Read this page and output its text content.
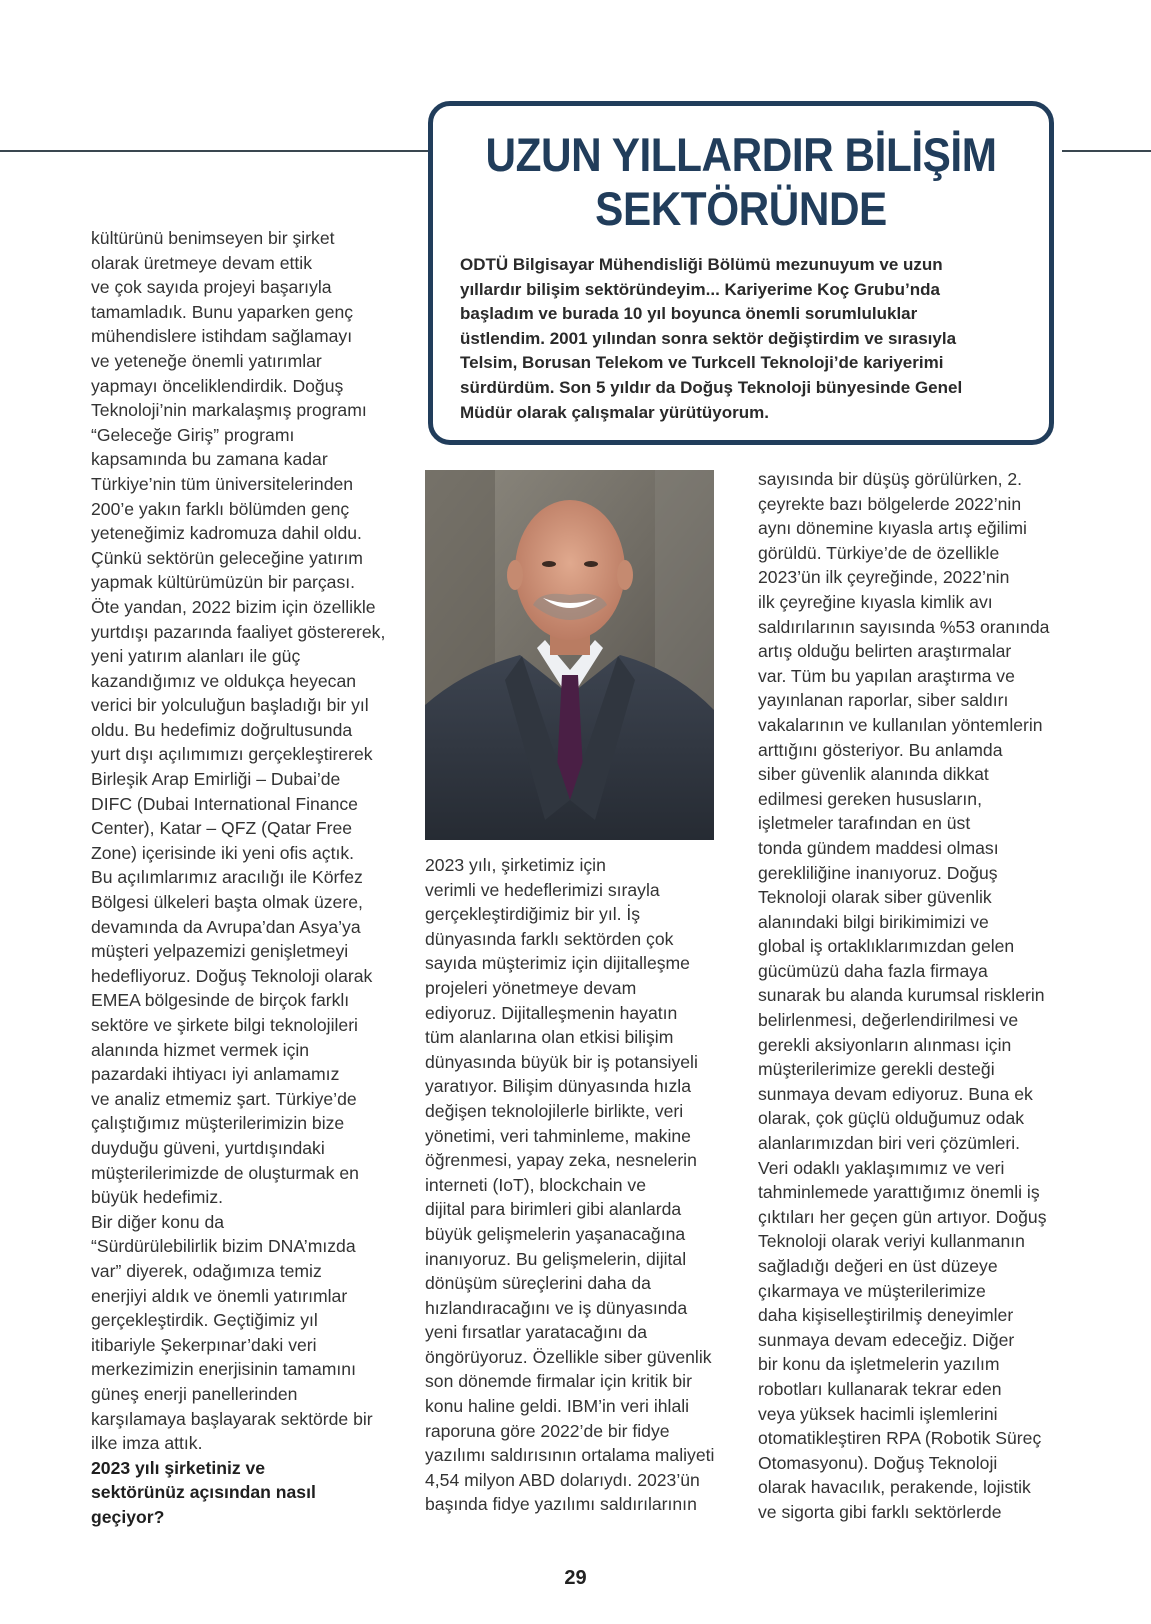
UZUN YILLARDIR BİLİŞİM
SEKTÖRÜNDE
ODTÜ Bilgisayar Mühendisliği Bölümü mezunuyum ve uzun
yıllardır bilişim sektöründeyim... Kariyerime Koç Grubu’nda
başladım ve burada 10 yıl boyunca önemli sorumluluklar
üstlendim. 2001 yılından sonra sektör değiştirdim ve sırasıyla
Telsim, Borusan Telekom ve Turkcell Teknoloji’de kariyerimi
sürdürdüm. Son 5 yıldır da Doğuş Teknoloji bünyesinde Genel
Müdür olarak çalışmalar yürütüyorum.
kültürünü benimseyen bir şirket
olarak üretmeye devam ettik
ve çok sayıda projeyi başarıyla
tamamladık. Bunu yaparken genç
mühendislere istihdam sağlamayı
ve yeteneğe önemli yatırımlar
yapmayı önceliklendirdik. Doğuş
Teknoloji’nin markalaşmış programı
“Geleceğe Giriş” programı
kapsamında bu zamana kadar
Türkiye’nin tüm üniversitelerinden
200’e yakın farklı bölümden genç
yeteneğimiz kadromuza dahil oldu.
Çünkü sektörün geleceğine yatırım
yapmak kültürümüzün bir parçası.
Öte yandan, 2022 bizim için özellikle
yurtdışı pazarında faaliyet göstererek,
yeni yatırım alanları ile güç
kazandığımız ve oldukça heyecan
verici bir yolculuğun başladığı bir yıl
oldu. Bu hedefimiz doğrultusunda
yurt dışı açılımımızı gerçekleştirerek
Birleşik Arap Emirliği – Dubai’de
DIFC (Dubai International Finance
Center), Katar – QFZ (Qatar Free
Zone) içerisinde iki yeni ofis açtık.
Bu açılımlarımız aracılığı ile Körfez
Bölgesi ülkeleri başta olmak üzere,
devamında da Avrupa’dan Asya’ya
müşteri yelpazemizi genişletmeyi
hedefliyoruz. Doğuş Teknoloji olarak
EMEA bölgesinde de birçok farklı
sektöre ve şirkete bilgi teknolojileri
alanında hizmet vermek için
pazardaki ihtiyacı iyi anlamamız
ve analiz etmemiz şart. Türkiye’de
çalıştığımız müşterilerimizin bize
duyduğu güveni, yurtdışındaki
müşterilerimizde de oluşturmak en
büyük hedefimiz.
Bir diğer konu da
“Sürdürülebilirlik bizim DNA’mızda
var” diyerek, odağımıza temiz
enerjiyi aldık ve önemli yatırımlar
gerçekleştirdik. Geçtiğimiz yıl
itibariyle Şekerpınar’daki veri
merkezimizin enerjisinin tamamını
güneş enerji panellerinden
karşılamaya başlayarak sektörde bir
ilke imza attık.
2023 yılı şirketiniz ve
sektörünüz açısından nasıl
geçiyor?
2023 yılı, şirketimiz için
verimli ve hedeflerimizi sırayla
gerçekleştirdiğimiz bir yıl. İş
dünyasında farklı sektörden çok
sayıda müşterimiz için dijitalleşme
projeleri yönetmeye devam
ediyoruz. Dijitalleşmenin hayatın
tüm alanlarına olan etkisi bilişim
dünyasında büyük bir iş potansiyeli
yaratıyor. Bilişim dünyasında hızla
değişen teknolojilerle birlikte, veri
yönetimi, veri tahminleme, makine
öğrenmesi, yapay zeka, nesnelerin
interneti (IoT), blockchain ve
dijital para birimleri gibi alanlarda
büyük gelişmelerin yaşanacağına
inanıyoruz. Bu gelişmelerin, dijital
dönüşüm süreçlerini daha da
hızlandıracağını ve iş dünyasında
yeni fırsatlar yaratacağını da
öngörüyoruz. Özellikle siber güvenlik
son dönemde firmalar için kritik bir
konu haline geldi. IBM’in veri ihlali
raporuna göre 2022’de bir fidye
yazılımı saldırısının ortalama maliyeti
4,54 milyon ABD dolarıydı. 2023’ün
başında fidye yazılımı saldırılarının
sayısında bir düşüş görülürken, 2.
çeyrekte bazı bölgelerde 2022’nin
aynı dönemine kıyasla artış eğilimi
görüldü. Türkiye’de de özellikle
2023’ün ilk çeyreğinde, 2022’nin
ilk çeyreğine kıyasla kimlik avı
saldırılarının sayısında %53 oranında
artış olduğu belirten araştırmalar
var. Tüm bu yapılan araştırma ve
yayınlanan raporlar, siber saldırı
vakalarının ve kullanılan yöntemlerin
arttığını gösteriyor. Bu anlamda
siber güvenlik alanında dikkat
edilmesi gereken hususların,
işletmeler tarafından en üst
tonda gündem maddesi olması
gerekliliğine inanıyoruz. Doğuş
Teknoloji olarak siber güvenlik
alanındaki bilgi birikimimizi ve
global iş ortaklıklarımızdan gelen
gücümüzü daha fazla firmaya
sunarak bu alanda kurumsal risklerin
belirlenmesi, değerlendirilmesi ve
gerekli aksiyonların alınması için
müşterilerimize gerekli desteği
sunmaya devam ediyoruz. Buna ek
olarak, çok güçlü olduğumuz odak
alanlarımızdan biri veri çözümleri.
Veri odaklı yaklaşımımız ve veri
tahminlemede yarattığımız önemli iş
çıktıları her geçen gün artıyor. Doğuş
Teknoloji olarak veriyi kullanmanın
sağladığı değeri en üst düzeye
çıkarmaya ve müşterilerimize
daha kişiselleştirilmiş deneyimler
sunmaya devam edeceğiz. Diğer
bir konu da işletmelerin yazılım
robotları kullanarak tekrar eden
veya yüksek hacimli işlemlerini
otomatikleştiren RPA (Robotik Süreç
Otomasyonu). Doğuş Teknoloji
olarak havacılık, perakende, lojistik
ve sigorta gibi farklı sektörlerde
29
